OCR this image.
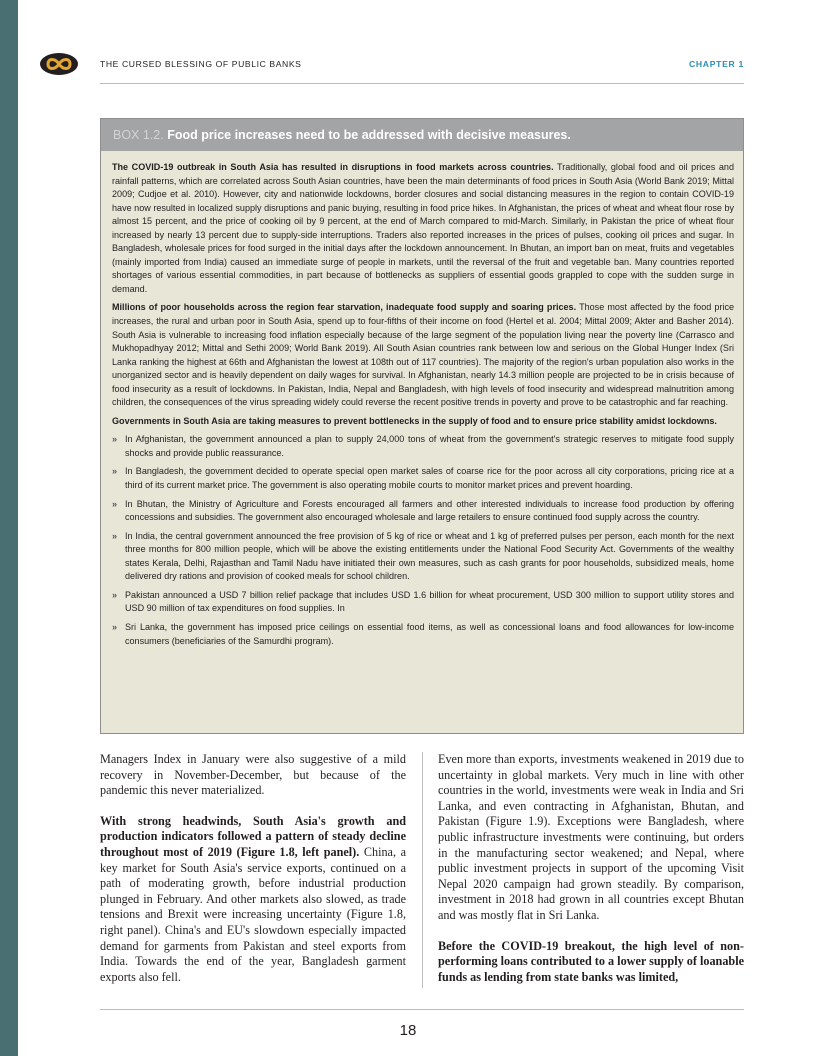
THE CURSED BLESSING OF PUBLIC BANKS	CHAPTER 1
BOX 1.2. Food price increases need to be addressed with decisive measures.

The COVID-19 outbreak in South Asia has resulted in disruptions in food markets across countries. Traditionally, global food and oil prices and rainfall patterns, which are correlated across South Asian countries, have been the main determinants of food prices in South Asia (World Bank 2019; Mittal 2009; Cudjoe et al. 2010). However, city and nationwide lockdowns, border closures and social distancing measures in the region to contain COVID-19 have now resulted in localized supply disruptions and panic buying, resulting in food price hikes. In Afghanistan, the prices of wheat and wheat flour rose by almost 15 percent, and the price of cooking oil by 9 percent, at the end of March compared to mid-March. Similarly, in Pakistan the price of wheat flour increased by nearly 13 percent due to supply-side interruptions. Traders also reported increases in the prices of pulses, cooking oil prices and sugar. In Bangladesh, wholesale prices for food surged in the initial days after the lockdown announcement. In Bhutan, an import ban on meat, fruits and vegetables (mainly imported from India) caused an immediate surge of people in markets, until the reversal of the fruit and vegetable ban. Many countries reported shortages of various essential commodities, in part because of bottlenecks as suppliers of essential goods grappled to cope with the sudden surge in demand.

Millions of poor households across the region fear starvation, inadequate food supply and soaring prices. Those most affected by the food price increases, the rural and urban poor in South Asia, spend up to four-fifths of their income on food (Hertel et al. 2004; Mittal 2009; Akter and Basher 2014). South Asia is vulnerable to increasing food inflation especially because of the large segment of the population living near the poverty line (Carrasco and Mukhopadhyay 2012; Mittal and Sethi 2009; World Bank 2019). All South Asian countries rank between low and serious on the Global Hunger Index (Sri Lanka ranking the highest at 66th and Afghanistan the lowest at 108th out of 117 countries). The majority of the region's urban population also works in the unorganized sector and is heavily dependent on daily wages for survival. In Afghanistan, nearly 14.3 million people are projected to be in crisis because of food insecurity as a result of lockdowns. In Pakistan, India, Nepal and Bangladesh, with high levels of food insecurity and widespread malnutrition among children, the consequences of the virus spreading widely could reverse the recent positive trends in poverty and prove to be catastrophic and far reaching.

Governments in South Asia are taking measures to prevent bottlenecks in the supply of food and to ensure price stability amidst lockdowns.

» In Afghanistan, the government announced a plan to supply 24,000 tons of wheat from the government's strategic reserves to mitigate food supply shocks and provide public reassurance.
» In Bangladesh, the government decided to operate special open market sales of coarse rice for the poor across all city corporations, pricing rice at a third of its current market price. The government is also operating mobile courts to monitor market prices and prevent hoarding.
» In Bhutan, the Ministry of Agriculture and Forests encouraged all farmers and other interested individuals to increase food production by offering concessions and subsidies. The government also encouraged wholesale and large retailers to ensure continued food supply across the country.
» In India, the central government announced the free provision of 5 kg of rice or wheat and 1 kg of preferred pulses per person, each month for the next three months for 800 million people, which will be above the existing entitlements under the National Food Security Act. Governments of the wealthy states Kerala, Delhi, Rajasthan and Tamil Nadu have initiated their own measures, such as cash grants for poor households, subsidized meals, home delivered dry rations and provision of cooked meals for school children.
» Pakistan announced a USD 7 billion relief package that includes USD 1.6 billion for wheat procurement, USD 300 million to support utility stores and USD 90 million of tax expenditures on food supplies. In
» Sri Lanka, the government has imposed price ceilings on essential food items, as well as concessional loans and food allowances for low-income consumers (beneficiaries of the Samurdhi program).

Managers Index in January were also suggestive of a mild recovery in November-December, but because of the pandemic this never materialized.

With strong headwinds, South Asia's growth and production indicators followed a pattern of steady decline throughout most of 2019 (Figure 1.8, left panel). China, a key market for South Asia's service exports, continued on a path of moderating growth, before industrial production plunged in February. And other markets also slowed, as trade tensions and Brexit were increasing uncertainty (Figure 1.8, right panel). China's and EU's slowdown especially impacted demand for garments from Pakistan and steel exports from India. Towards the end of the year, Bangladesh garment exports also fell.

Even more than exports, investments weakened in 2019 due to uncertainty in global markets. Very much in line with other countries in the world, investments were weak in India and Sri Lanka, and even contracting in Afghanistan, Bhutan, and Pakistan (Figure 1.9). Exceptions were Bangladesh, where public infrastructure investments were continuing, but orders in the manufacturing sector weakened; and Nepal, where public investment projects in support of the upcoming Visit Nepal 2020 campaign had grown steadily. By comparison, investment in 2018 had grown in all countries except Bhutan and was mostly flat in Sri Lanka.

Before the COVID-19 breakout, the high level of non-performing loans contributed to a lower supply of loanable funds as lending from state banks was limited,

18
